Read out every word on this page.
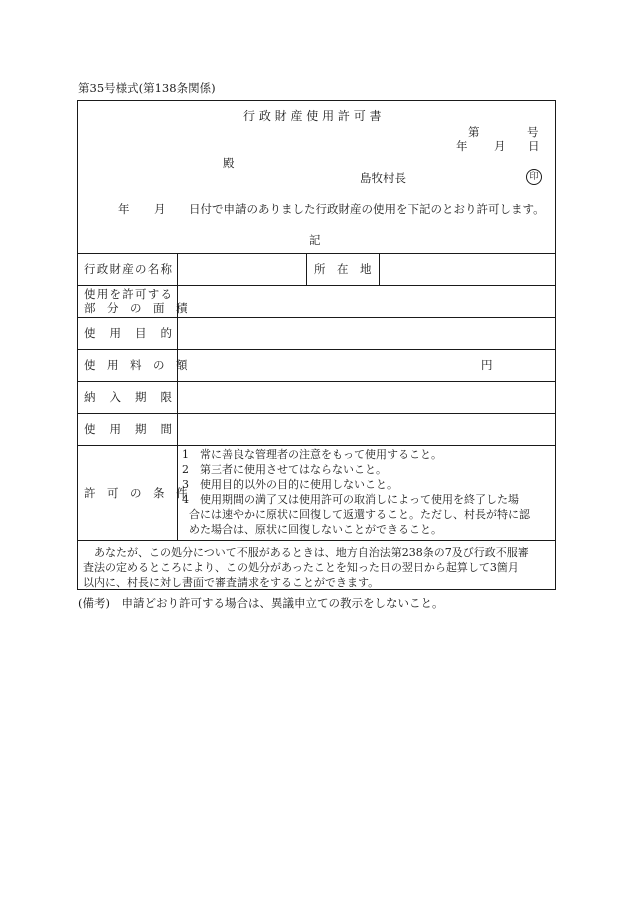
第35号様式(第138条関係)
行 政 財 産 使 用 許 可 書
第	号
年 月 日
殿
島牧村長	印
年 月 日付で申請のありました行政財産の使用を下記のとおり許可します。
記
行政財産の名称	所　在　地
使用を許可する
部　分　の　面　積
使　用　目　的
使　用　料　の　額	円
納　入　期　限
使　用　期　間
許　可　の　条　件
1　常に善良な管理者の注意をもって使用すること。
2　第三者に使用させてはならないこと。
3　使用目的以外の目的に使用しないこと。
4　使用期間の満了又は使用許可の取消しによって使用を終了した場
合には速やかに原状に回復して返還すること。ただし、村長が特に認
めた場合は、原状に回復しないことができること。
　あなたが、この処分について不服があるときは、地方自治法第238条の7及び行政不服審
査法の定めるところにより、この処分があったことを知った日の翌日から起算して3箇月
以内に、村長に対し書面で審査請求をすることができます。
(備考)　申請どおり許可する場合は、異議申立ての教示をしないこと。
